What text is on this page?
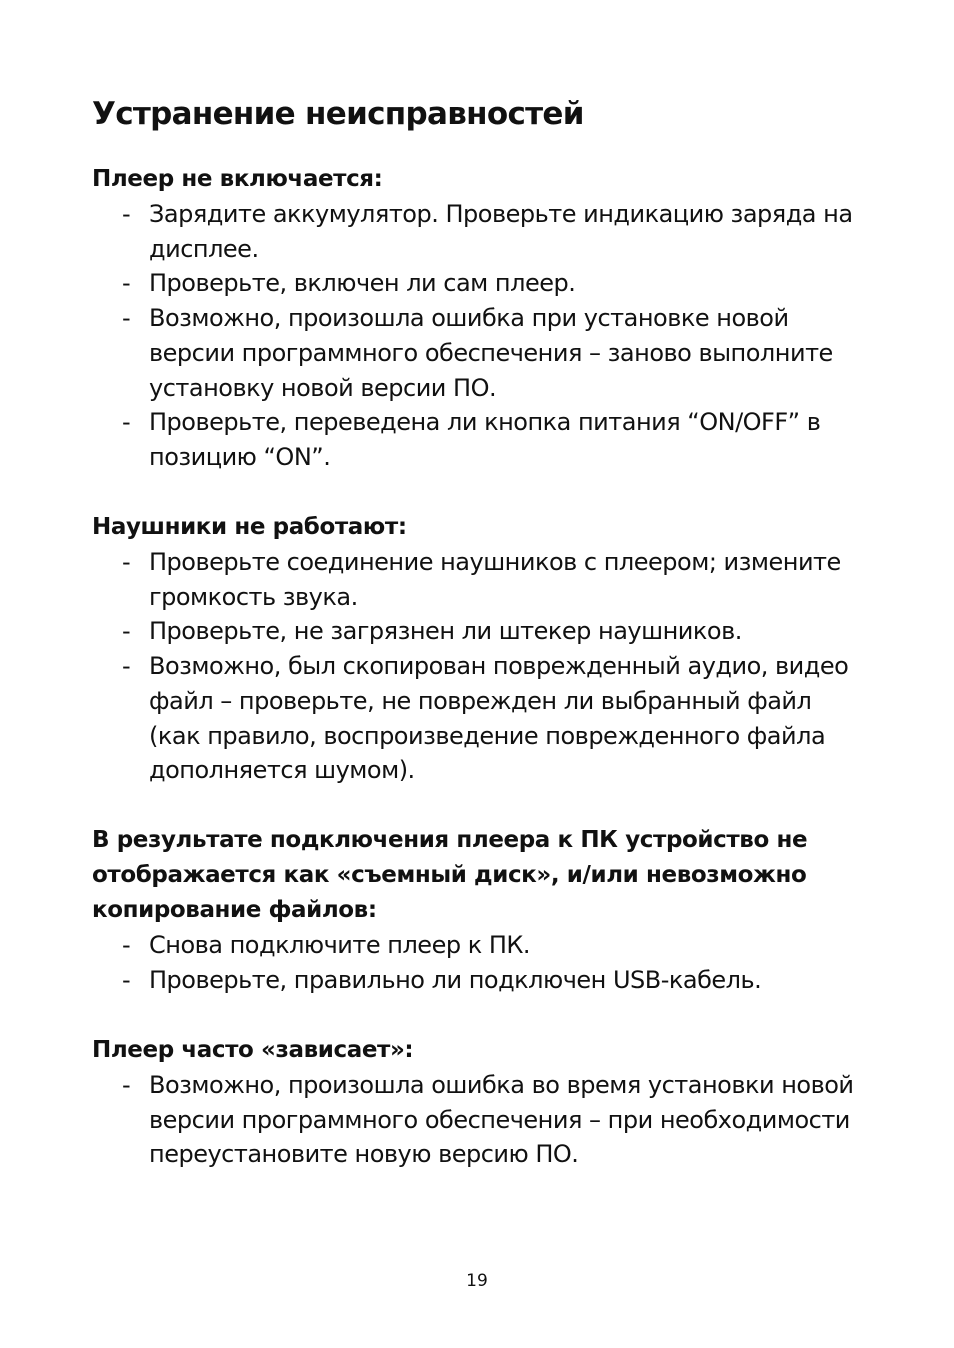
Устранение неисправностей
Плеер не включается:
- Зарядите аккумулятор. Проверьте индикацию заряда на дисплее.
- Проверьте, включен ли сам плеер.
- Возможно, произошла ошибка при установке новой версии программного обеспечения – заново выполните установку новой версии ПО.
- Проверьте, переведена ли кнопка питания “ON/OFF” в позицию “ON”.
Наушники не работают:
- Проверьте соединение наушников с плеером; измените громкость звука.
- Проверьте, не загрязнен ли штекер наушников.
- Возможно, был скопирован поврежденный аудио, видео файл – проверьте, не поврежден ли выбранный файл (как правило, воспроизведение поврежденного файла дополняется шумом).
В результате подключения плеера к ПК устройство не отображается как «съемный диск», и/или невозможно копирование файлов:
- Снова подключите плеер к ПК.
- Проверьте, правильно ли подключен USB-кабель.
Плеер часто «зависает»:
- Возможно, произошла ошибка во время установки новой версии программного обеспечения – при необходимости переустановите новую версию ПО.
19
